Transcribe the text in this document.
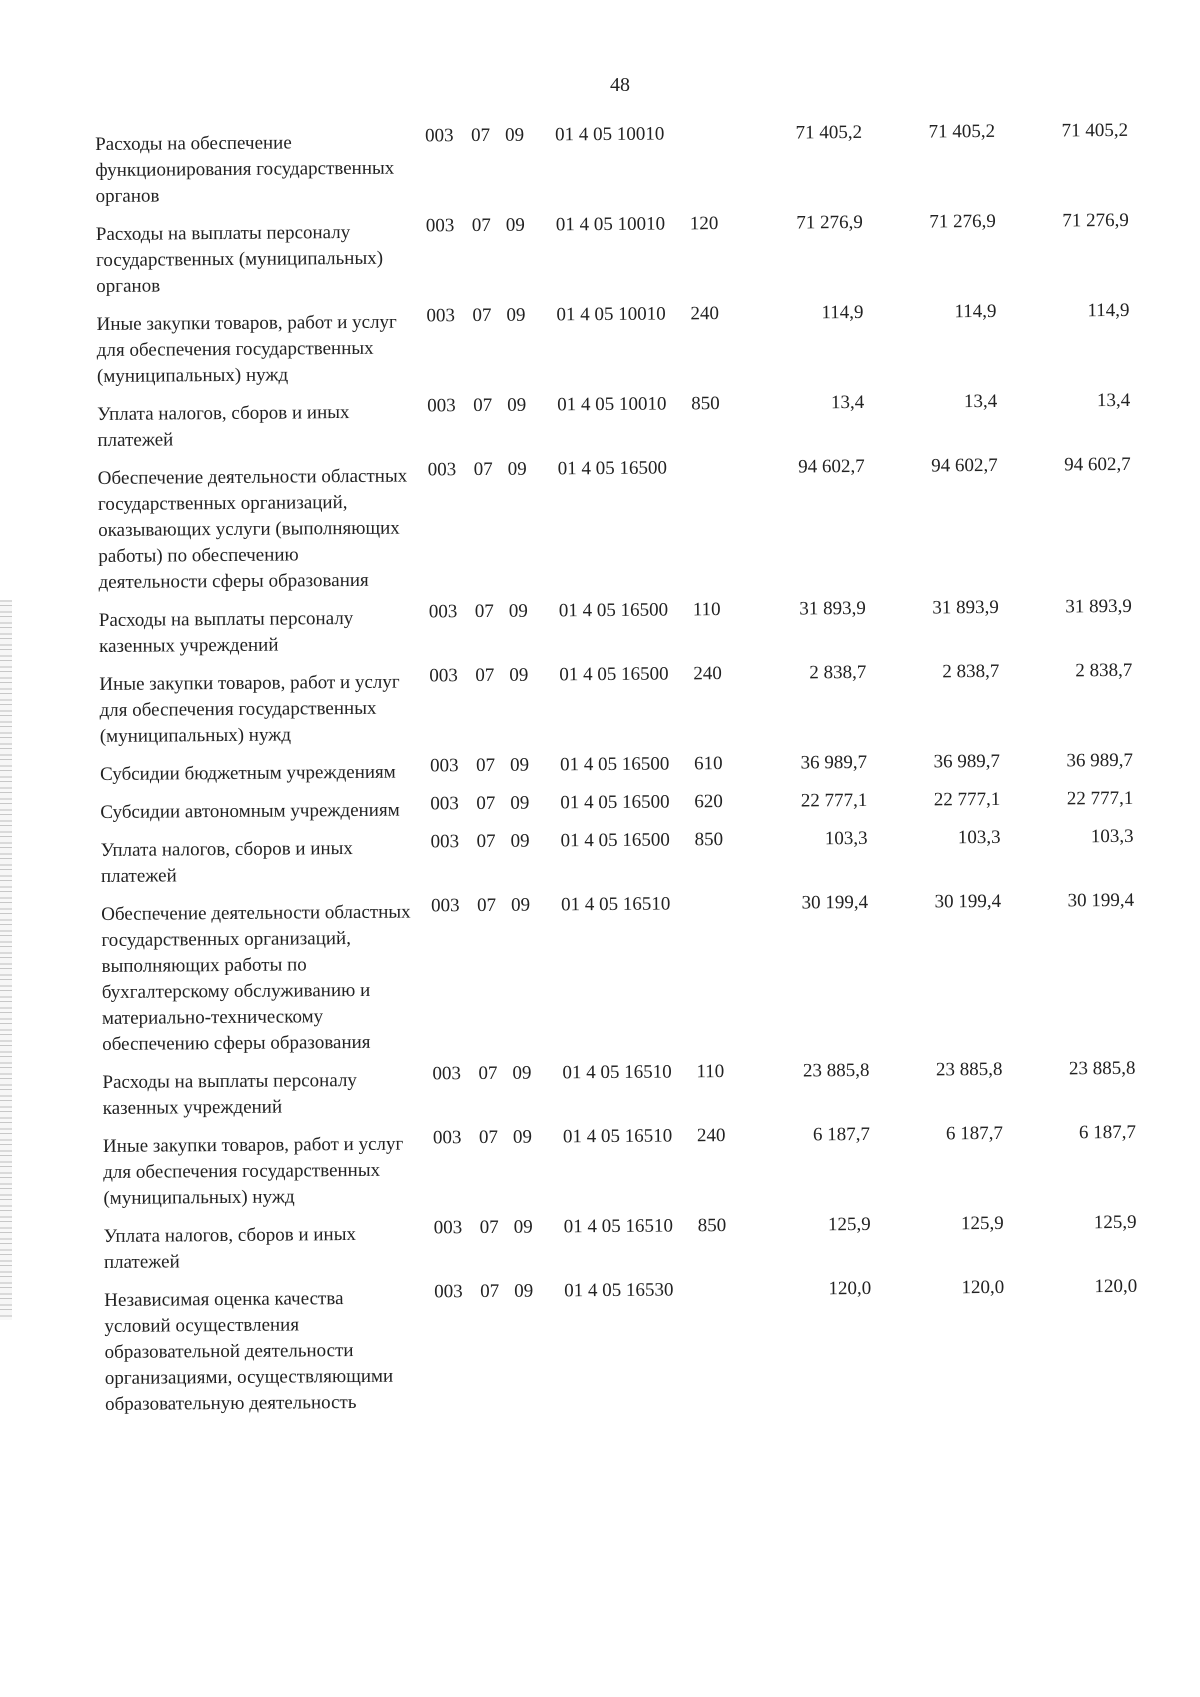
48
Расходы на обеспечение функционирования государственных органов
003 07 09	01 4 05 10010	71 405,2	71 405,2	71 405,2
Расходы на выплаты персоналу государственных (муниципальных) органов
003 07 09	01 4 05 10010	120	71 276,9	71 276,9	71 276,9
Иные закупки товаров, работ и услуг для обеспечения государственных (муниципальных) нужд
003 07 09	01 4 05 10010	240	114,9	114,9	114,9
Уплата налогов, сборов и иных платежей
003 07 09	01 4 05 10010	850	13,4	13,4	13,4
Обеспечение деятельности областных государственных организаций, оказывающих услуги (выполняющих работы) по обеспечению деятельности сферы образования
003 07 09	01 4 05 16500	94 602,7	94 602,7	94 602,7
Расходы на выплаты персоналу казенных учреждений
003 07 09	01 4 05 16500	110	31 893,9	31 893,9	31 893,9
Иные закупки товаров, работ и услуг для обеспечения государственных (муниципальных) нужд
003 07 09	01 4 05 16500	240	2 838,7	2 838,7	2 838,7
Субсидии бюджетным учреждениям	003 07 09	01 4 05 16500	610	36 989,7	36 989,7	36 989,7
Субсидии автономным учреждениям	003 07 09	01 4 05 16500	620	22 777,1	22 777,1	22 777,1
Уплата налогов, сборов и иных платежей
003 07 09	01 4 05 16500	850	103,3	103,3	103,3
Обеспечение деятельности областных государственных организаций, выполняющих работы по бухгалтерскому обслуживанию и материально-техническому обеспечению сферы образования
003 07 09	01 4 05 16510	30 199,4	30 199,4	30 199,4
Расходы на выплаты персоналу казенных учреждений
003 07 09	01 4 05 16510	110	23 885,8	23 885,8	23 885,8
Иные закупки товаров, работ и услуг для обеспечения государственных (муниципальных) нужд
003 07 09	01 4 05 16510	240	6 187,7	6 187,7	6 187,7
Уплата налогов, сборов и иных платежей
003 07 09	01 4 05 16510	850	125,9	125,9	125,9
Независимая оценка качества условий осуществления образовательной деятельности организациями, осуществляющими образовательную деятельность
003 07 09	01 4 05 16530	120,0	120,0	120,0
